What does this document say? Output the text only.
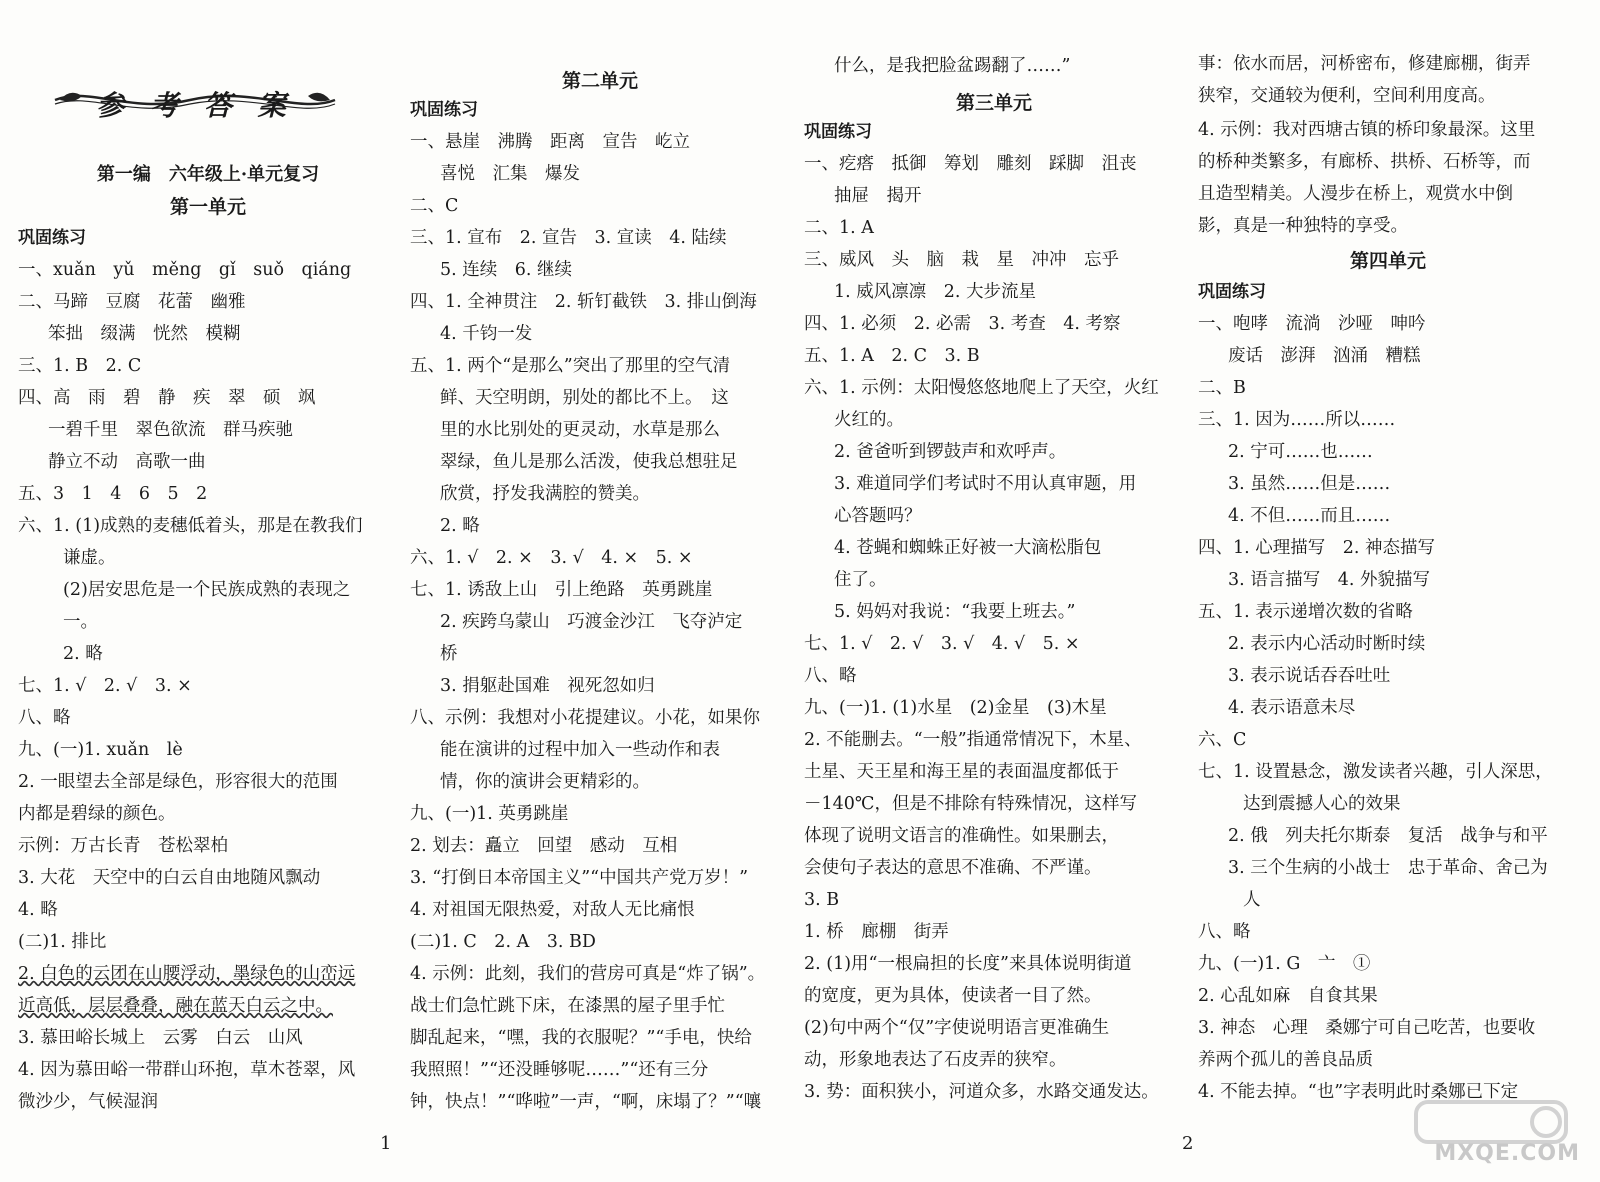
参 考 答 案
第一编　六年级上·单元复习
第一单元
巩固练习
一、xuǎn　yǔ　měng　gǐ　suǒ　qiáng
二、马蹄　豆腐　花蕾　幽雅
笨拙　缀满　恍然　模糊
三、1. B　2. C
四、高　雨　碧　静　疾　翠　硕　飒
一碧千里　翠色欲流　群马疾驰
静立不动　高歌一曲
五、3　1　4　6　5　2
六、1. (1)成熟的麦穗低着头，那是在教我们
谦虚。
(2)居安思危是一个民族成熟的表现之
一。
2. 略
七、1. √　2. √　3. ×
八、略
九、(一)1. xuǎn　lè
2. 一眼望去全部是绿色，形容很大的范围
内都是碧绿的颜色。
示例：万古长青　苍松翠柏
3. 大花　天空中的白云自由地随风飘动
4. 略
(二)1. 排比
2. 白色的云团在山腰浮动，墨绿色的山峦远
近高低，层层叠叠，融在蓝天白云之中。
3. 慕田峪长城上　云雾　白云　山风
4. 因为慕田峪一带群山环抱，草木苍翠，风
微沙少，气候湿润
第二单元
巩固练习
一、悬崖　沸腾　距离　宣告　屹立
喜悦　汇集　爆发
二、C
三、1. 宣布　2. 宣告　3. 宣读　4. 陆续
5. 连续　6. 继续
四、1. 全神贯注　2. 斩钉截铁　3. 排山倒海
4. 千钧一发
五、1. 两个“是那么”突出了那里的空气清
鲜、天空明朗，别处的都比不上。　这
里的水比别处的更灵动，水草是那么
翠绿，鱼儿是那么活泼，使我总想驻足
欣赏，抒发我满腔的赞美。
2. 略
六、1. √　2. ×　3. √　4. ×　5. ×
七、1. 诱敌上山　引上绝路　英勇跳崖
2. 疾跨乌蒙山　巧渡金沙江　飞夺泸定
桥
3. 捐躯赴国难　视死忽如归
八、示例：我想对小花提建议。小花，如果你
能在演讲的过程中加入一些动作和表
情，你的演讲会更精彩的。
九、(一)1. 英勇跳崖
2. 划去：矗立　回望　感动　互相
3. “打倒日本帝国主义”“中国共产党万岁！”
4. 对祖国无限热爱，对敌人无比痛恨
(二)1. C　2. A　3. BD
4. 示例：此刻，我们的营房可真是“炸了锅”。
战士们急忙跳下床，在漆黑的屋子里手忙
脚乱起来，“嘿，我的衣服呢？”“手电，快给
我照照！”“还没睡够呢……”“还有三分
钟，快点！”“哗啦”一声，“啊，床塌了？”“嚷
1
什么，是我把脸盆踢翻了……”
第三单元
巩固练习
一、疙瘩　抵御　筹划　雕刻　踩脚　沮丧
抽屉　揭开
二、1. A
三、威风　头　脑　栽　星　冲冲　忘乎
1. 威风凛凛　2. 大步流星
四、1. 必须　2. 必需　3. 考查　4. 考察
五、1. A　2. C　3. B
六、1. 示例：太阳慢悠悠地爬上了天空，火红
火红的。
2. 爸爸听到锣鼓声和欢呼声。
3. 难道同学们考试时不用认真审题，用
心答题吗？
4. 苍蝇和蜘蛛正好被一大滴松脂包
住了。
5. 妈妈对我说：“我要上班去。”
七、1. √　2. √　3. √　4. √　5. ×
八、略
九、(一)1. (1)水星　(2)金星　(3)木星
2. 不能删去。“一般”指通常情况下，木星、
土星、天王星和海王星的表面温度都低于
－140℃，但是不排除有特殊情况，这样写
体现了说明文语言的准确性。如果删去，
会使句子表达的意思不准确、不严谨。
3. B
1. 桥　廊棚　街弄
2. (1)用“一根扁担的长度”来具体说明街道
的宽度，更为具体，使读者一目了然。
(2)句中两个“仅”字使说明语言更准确生
动，形象地表达了石皮弄的狭窄。
3. 势：面积狭小，河道众多，水路交通发达。
事：依水而居，河桥密布，修建廊棚，街弄
狭窄，交通较为便利，空间利用度高。
4. 示例：我对西塘古镇的桥印象最深。这里
的桥种类繁多，有廊桥、拱桥、石桥等，而
且造型精美。人漫步在桥上，观赏水中倒
影，真是一种独特的享受。
第四单元
巩固练习
一、咆哮　流淌　沙哑　呻吟
废话　澎湃　汹涌　糟糕
二、B
三、1. 因为……所以……
2. 宁可……也……
3. 虽然……但是……
4. 不但……而且……
四、1. 心理描写　2. 神态描写
3. 语言描写　4. 外貌描写
五、1. 表示递增次数的省略
2. 表示内心活动时断时续
3. 表示说话吞吞吐吐
4. 表示语意未尽
六、C
七、1. 设置悬念，激发读者兴趣，引人深思，
达到震撼人心的效果
2. 俄　列夫托尔斯泰　复活　战争与和平
3. 三个生病的小战士　忠于革命、舍己为
人
八、略
九、(一)1. G　亠　①
2. 心乱如麻　自食其果
3. 神态　心理　桑娜宁可自己吃苦，也要收
养两个孤儿的善良品质
4. 不能去掉。“也”字表明此时桑娜已下定
2	MXQE.COM
